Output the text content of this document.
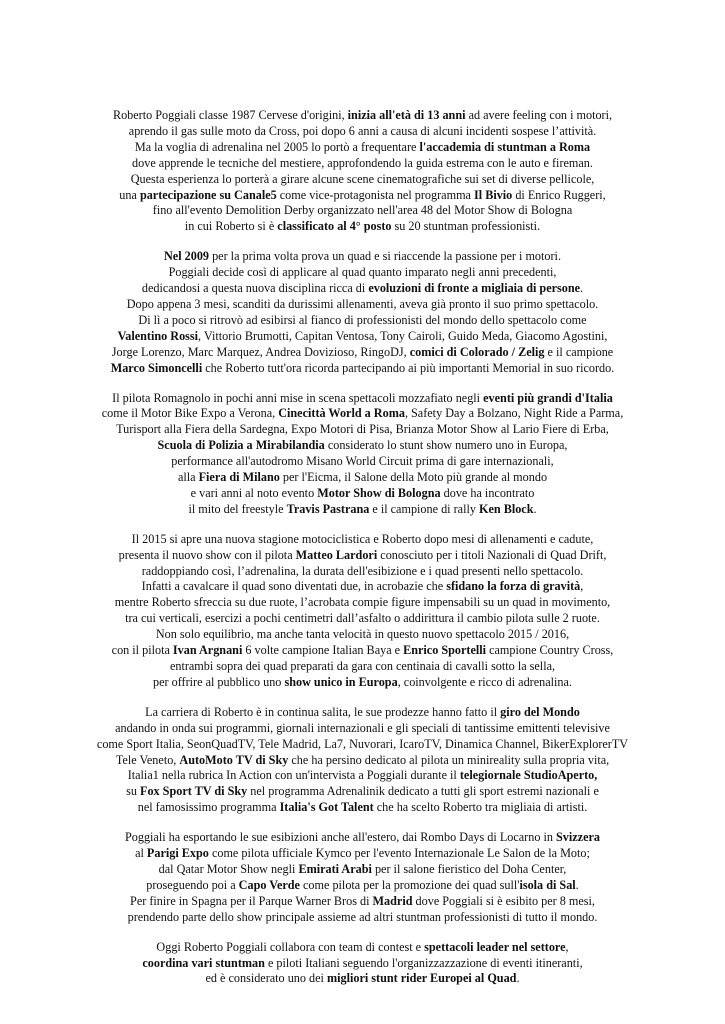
Roberto Poggiali classe 1987 Cervese d'origini, inizia all'età di 13 anni ad avere feeling con i motori,
aprendo il gas sulle moto da Cross, poi dopo 6 anni a causa di alcuni incidenti sospese l’attività.
Ma la voglia di adrenalina nel 2005 lo portò a frequentare l'accademia di stuntman a Roma
dove apprende le tecniche del mestiere, approfondendo la guida estrema con le auto e fireman.
Questa esperienza lo porterà a girare alcune scene cinematografiche sui set di diverse pellicole,
una partecipazione su Canale5 come vice-protagonista nel programma Il Bivio di Enrico Ruggeri,
fino all'evento Demolition Derby organizzato nell'area 48 del Motor Show di Bologna
in cui Roberto si è classificato al 4° posto su 20 stuntman professionisti.
Nel 2009 per la prima volta prova un quad e si riaccende la passione per i motori.
Poggiali decide così di applicare al quad quanto imparato negli anni precedenti,
dedicandosi a questa nuova disciplina ricca di evoluzioni di fronte a migliaia di persone.
Dopo appena 3 mesi, scanditi da durissimi allenamenti, aveva già pronto il suo primo spettacolo.
Di lì a poco si ritrovò ad esibirsi al fianco di professionisti del mondo dello spettacolo come
Valentino Rossi, Vittorio Brumotti, Capitan Ventosa, Tony Cairoli, Guido Meda, Giacomo Agostini,
Jorge Lorenzo, Marc Marquez, Andrea Dovizioso, RingoDJ, comici di Colorado / Zelig e il campione
Marco Simoncelli che Roberto tutt'ora ricorda partecipando ai più importanti Memorial in suo ricordo.
Il pilota Romagnolo in pochi anni mise in scena spettacoli mozzafiato negli eventi più grandi d'Italia
come il Motor Bike Expo a Verona, Cinecittà World a Roma, Safety Day a Bolzano, Night Ride a Parma,
Turisport alla Fiera della Sardegna, Expo Motori di Pisa, Brianza Motor Show al Lario Fiere di Erba,
Scuola di Polizia a Mirabilandia considerato lo stunt show numero uno in Europa,
performance all'autodromo Misano World Circuit prima di gare internazionali,
alla Fiera di Milano per l'Eicma, il Salone della Moto più grande al mondo
e vari anni al noto evento Motor Show di Bologna dove ha incontrato
il mito del freestyle Travis Pastrana e il campione di rally Ken Block.
Il 2015 si apre una nuova stagione motociclistica e Roberto dopo mesi di allenamenti e cadute,
presenta il nuovo show con il pilota Matteo Lardori conosciuto per i titoli Nazionali di Quad Drift,
raddoppiando così, l’adrenalina, la durata dell'esibizione e i quad presenti nello spettacolo.
Infatti a cavalcare il quad sono diventati due, in acrobazie che sfidano la forza di gravità,
mentre Roberto sfreccia su due ruote, l’acrobata compie figure impensabili su un quad in movimento,
tra cui verticali, esercizi a pochi centimetri dall’asfalto o addirittura il cambio pilota sulle 2 ruote.
Non solo equilibrio, ma anche tanta velocità in questo nuovo spettacolo 2015 / 2016,
con il pilota Ivan Argnani 6 volte campione Italian Baya e Enrico Sportelli campione Country Cross,
entrambi sopra dei quad preparati da gara con centinaia di cavalli sotto la sella,
per offrire al pubblico uno show unico in Europa, coinvolgente e ricco di adrenalina.
La carriera di Roberto è in continua salita, le sue prodezze hanno fatto il giro del Mondo
andando in onda sui programmi, giornali internazionali e gli speciali di tantissime emittenti televisive
come Sport Italia, SeonQuadTV, Tele Madrid, La7, Nuvorari, IcaroTV, Dinamica Channel, BikerExplorerTV
Tele Veneto, AutoMoto TV di Sky che ha persino dedicato al pilota un minireality sulla propria vita,
Italia1 nella rubrica In Action con un'intervista a Poggiali durante il telegiornale StudioAperto,
su Fox Sport TV di Sky nel programma Adrenalinik dedicato a tutti gli sport estremi nazionali e
nel famosissimo programma Italia's Got Talent che ha scelto Roberto tra migliaia di artisti.
Poggiali ha esportando le sue esibizioni anche all'estero, dai Rombo Days di Locarno in Svizzera
al Parigi Expo come pilota ufficiale Kymco per l'evento Internazionale Le Salon de la Moto;
dal Qatar Motor Show negli Emirati Arabi per il salone fieristico del Doha Center,
proseguendo poi a Capo Verde come pilota per la promozione dei quad sull'isola di Sal.
Per finire in Spagna per il Parque Warner Bros di Madrid dove Poggiali si è esibito per 8 mesi,
prendendo parte dello show principale assieme ad altri stuntman professionisti di tutto il mondo.
Oggi Roberto Poggiali collabora con team di contest e spettacoli leader nel settore,
coordina vari stuntman e piloti Italiani seguendo l'organizzazzazione di eventi itineranti,
ed è considerato uno dei migliori stunt rider Europei al Quad.
